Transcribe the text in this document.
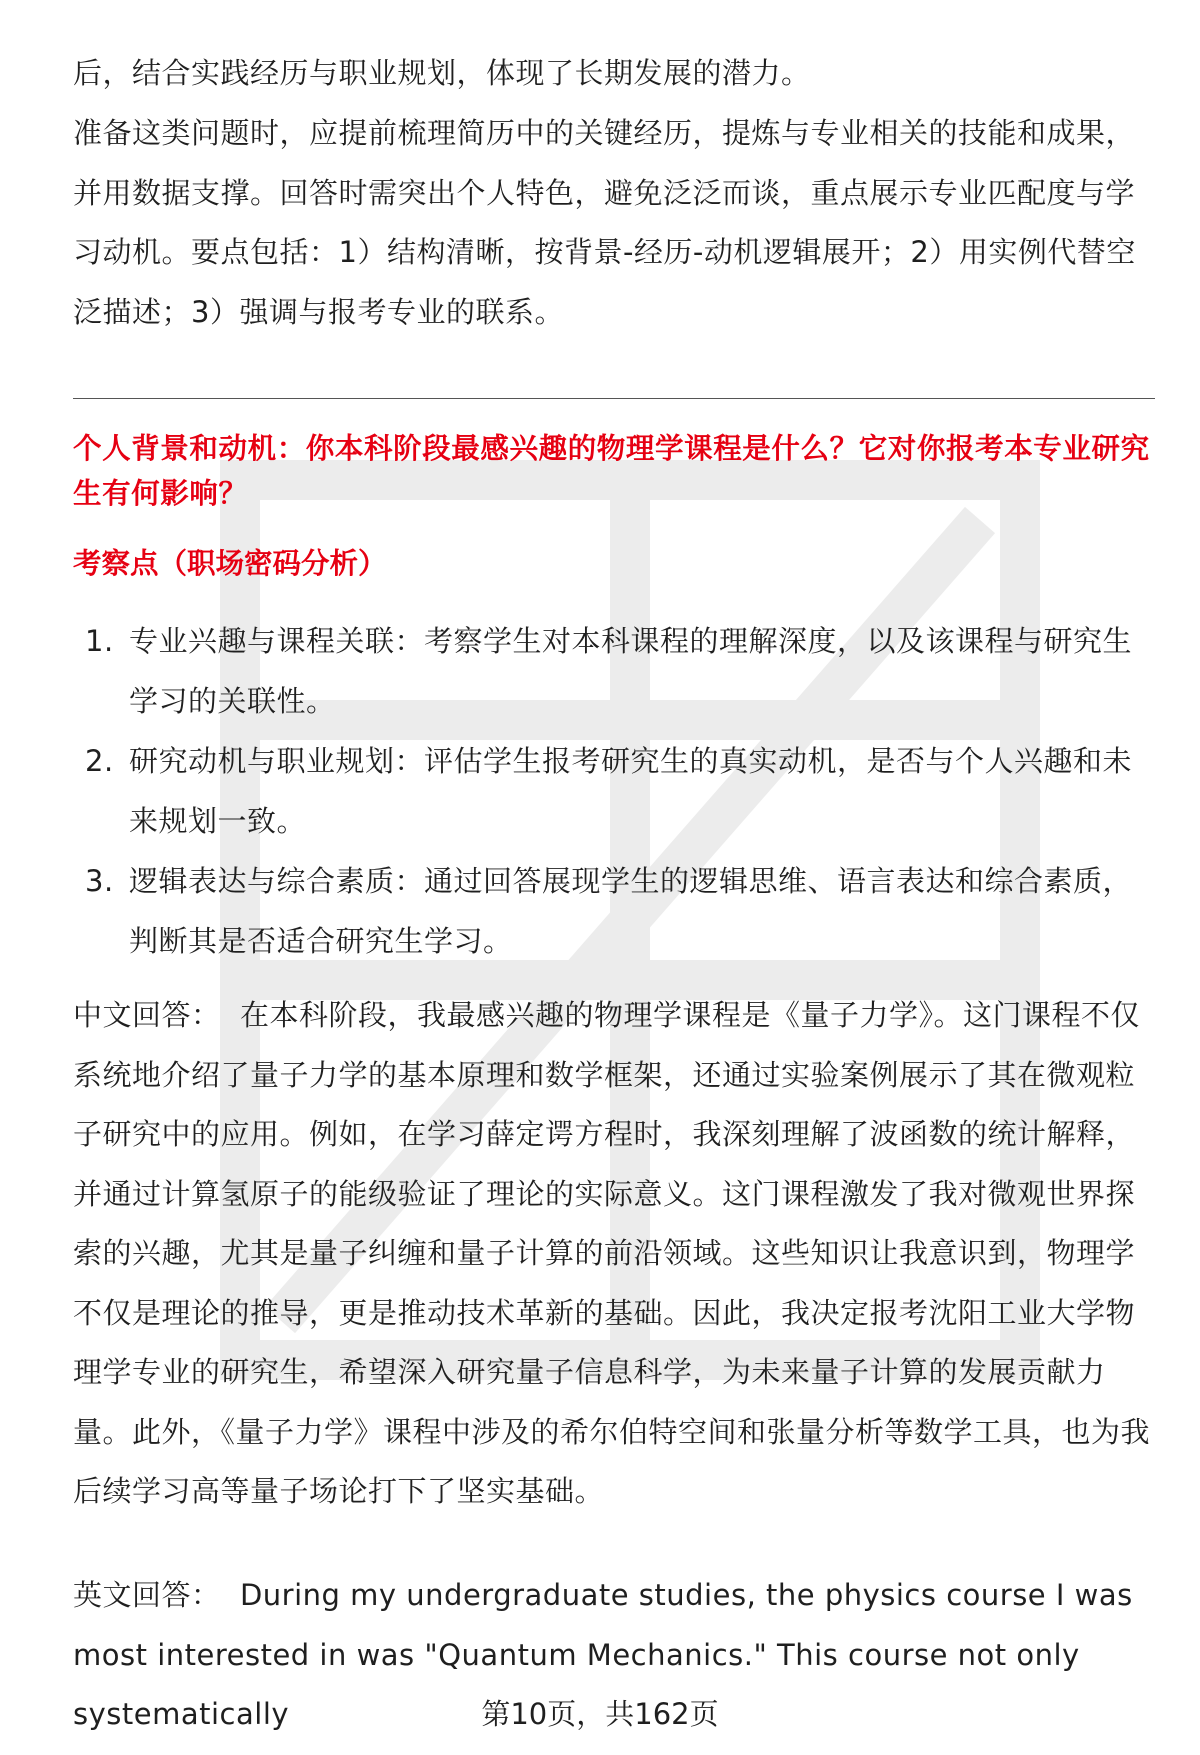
后，结合实践经历与职业规划，体现了长期发展的潜力。

准备这类问题时，应提前梳理简历中的关键经历，提炼与专业相关的技能和成果，并用数据支撑。回答时需突出个人特色，避免泛泛而谈，重点展示专业匹配度与学习动机。要点包括：1）结构清晰，按背景-经历-动机逻辑展开；2）用实例代替空泛描述；3）强调与报考专业的联系。

个人背景和动机：你本科阶段最感兴趣的物理学课程是什么？它对你报考本专业研究生有何影响？

考察点（职场密码分析）

1. 专业兴趣与课程关联：考察学生对本科课程的理解深度，以及该课程与研究生学习的关联性。
2. 研究动机与职业规划：评估学生报考研究生的真实动机，是否与个人兴趣和未来规划一致。
3. 逻辑表达与综合素质：通过回答展现学生的逻辑思维、语言表达和综合素质，判断其是否适合研究生学习。

中文回答： 在本科阶段，我最感兴趣的物理学课程是《量子力学》。这门课程不仅系统地介绍了量子力学的基本原理和数学框架，还通过实验案例展示了其在微观粒子研究中的应用。例如，在学习薛定谔方程时，我深刻理解了波函数的统计解释，并通过计算氢原子的能级验证了理论的实际意义。这门课程激发了我对微观世界探索的兴趣，尤其是量子纠缠和量子计算的前沿领域。这些知识让我意识到，物理学不仅是理论的推导，更是推动技术革新的基础。因此，我决定报考沈阳工业大学物理学专业的研究生，希望深入研究量子信息科学，为未来量子计算的发展贡献力量。此外，《量子力学》课程中涉及的希尔伯特空间和张量分析等数学工具，也为我后续学习高等量子场论打下了坚实基础。

英文回答： During my undergraduate studies, the physics course I was most interested in was "Quantum Mechanics." This course not only systematically	第10页，共162页
